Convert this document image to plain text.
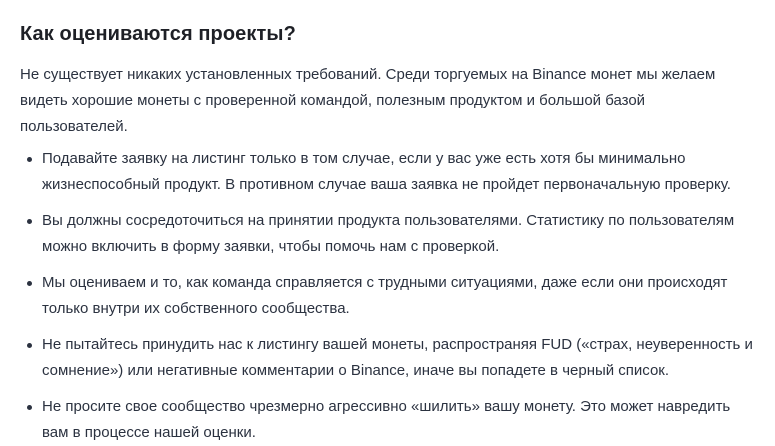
Как оцениваются проекты?

Не существует никаких установленных требований. Среди торгуемых на Binance монет мы желаем видеть хорошие монеты с проверенной командой, полезным продуктом и большой базой пользователей.

Подавайте заявку на листинг только в том случае, если у вас уже есть хотя бы минимально жизнеспособный продукт. В противном случае ваша заявка не пройдет первоначальную проверку.
Вы должны сосредоточиться на принятии продукта пользователями. Статистику по пользователям можно включить в форму заявки, чтобы помочь нам с проверкой.
Мы оцениваем и то, как команда справляется с трудными ситуациями, даже если они происходят только внутри их собственного сообщества.
Не пытайтесь принудить нас к листингу вашей монеты, распространяя FUD («страх, неуверенность и сомнение») или негативные комментарии о Binance, иначе вы попадете в черный список.
Не просите свое сообщество чрезмерно агрессивно «шилить» вашу монету. Это может навредить вам в процессе нашей оценки.
